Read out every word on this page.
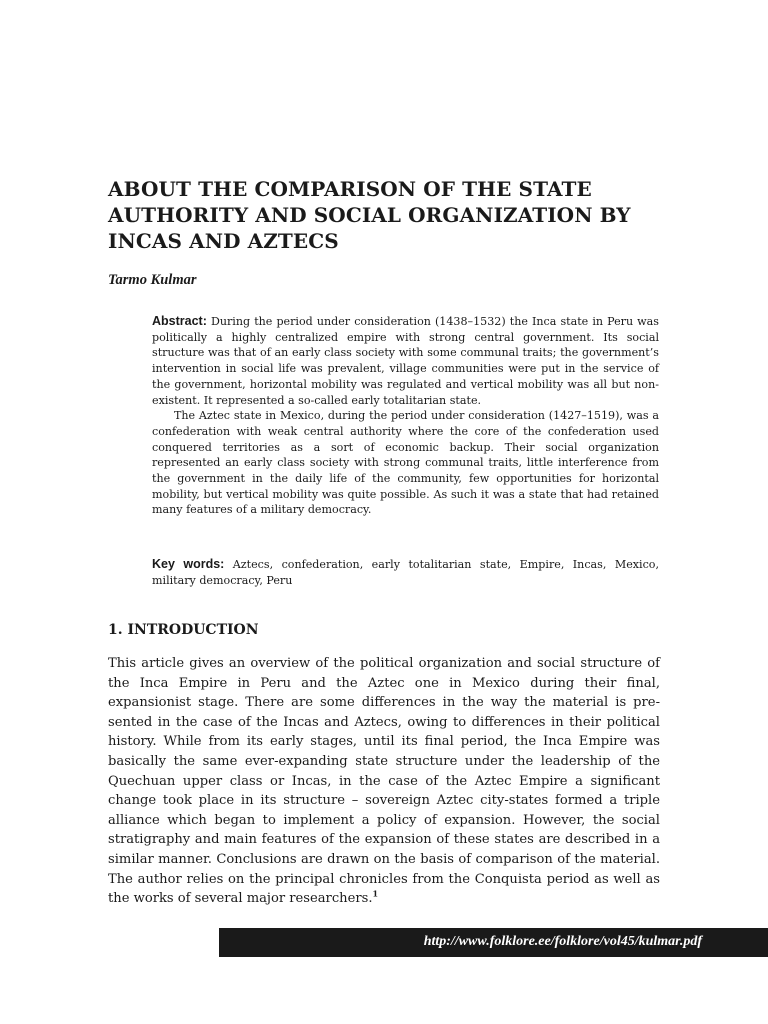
ABOUT THE COMPARISON OF THE STATE AUTHORITY AND SOCIAL ORGANIZATION BY INCAS AND AZTECS

Tarmo Kulmar

Abstract: During the period under consideration (1438–1532) the Inca state in Peru was politically a highly centralized empire with strong central government. Its social structure was that of an early class society with some communal traits; the government’s intervention in social life was prevalent, village communities were put in the service of the government, horizontal mobility was regulated and vertical mobility was all but non-existent. It represented a so-called early totalitarian state.

The Aztec state in Mexico, during the period under consideration (1427–1519), was a confederation with weak central authority where the core of the confederation used conquered territories as a sort of economic backup. Their social organization represented an early class society with strong communal traits, little interference from the government in the daily life of the community, few opportunities for horizontal mobility, but vertical mobility was quite possible. As such it was a state that had retained many features of a military democracy.

Key words: Aztecs, confederation, early totalitarian state, Empire, Incas, Mexico, military democracy, Peru

1. INTRODUCTION

This article gives an overview of the political organization and social structure of the Inca Empire in Peru and the Aztec one in Mexico during their final, expansionist stage. There are some differences in the way the material is presented in the case of the Incas and Aztecs, owing to differences in their political history. While from its early stages, until its final period, the Inca Empire was basically the same ever-expanding state structure under the leadership of the Quechuan upper class or Incas, in the case of the Aztec Empire a significant change took place in its structure – sovereign Aztec city-states formed a triple alliance which began to implement a policy of expansion. However, the social stratigraphy and main features of the expansion of these states are described in a similar manner. Conclusions are drawn on the basis of comparison of the material. The author relies on the principal chronicles from the Conquista period as well as the works of several major researchers.$^1$

http://www.folklore.ee/folklore/vol45/kulmar.pdf
